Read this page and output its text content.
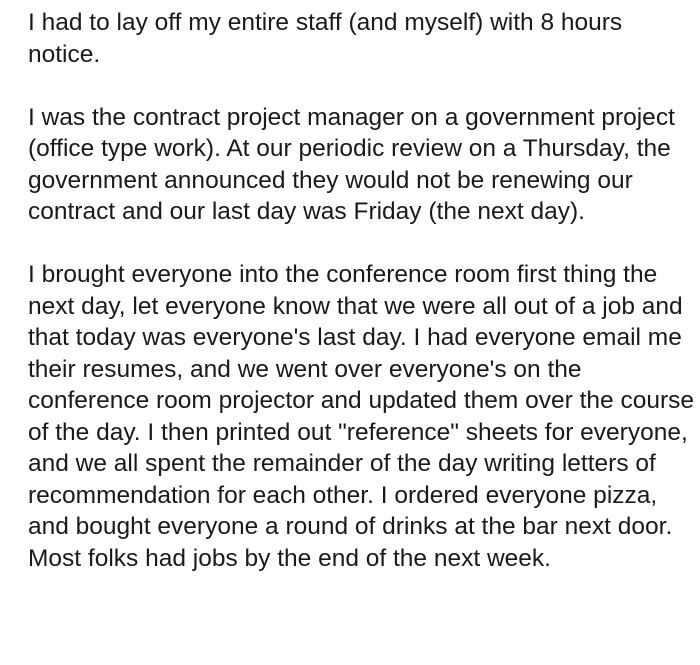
I had to lay off my entire staff (and myself) with 8 hours notice.

I was the contract project manager on a government project (office type work). At our periodic review on a Thursday, the government announced they would not be renewing our contract and our last day was Friday (the next day).

I brought everyone into the conference room first thing the next day, let everyone know that we were all out of a job and that today was everyone's last day. I had everyone email me their resumes, and we went over everyone's on the conference room projector and updated them over the course of the day. I then printed out "reference" sheets for everyone, and we all spent the remainder of the day writing letters of recommendation for each other. I ordered everyone pizza, and bought everyone a round of drinks at the bar next door. Most folks had jobs by the end of the next week.
